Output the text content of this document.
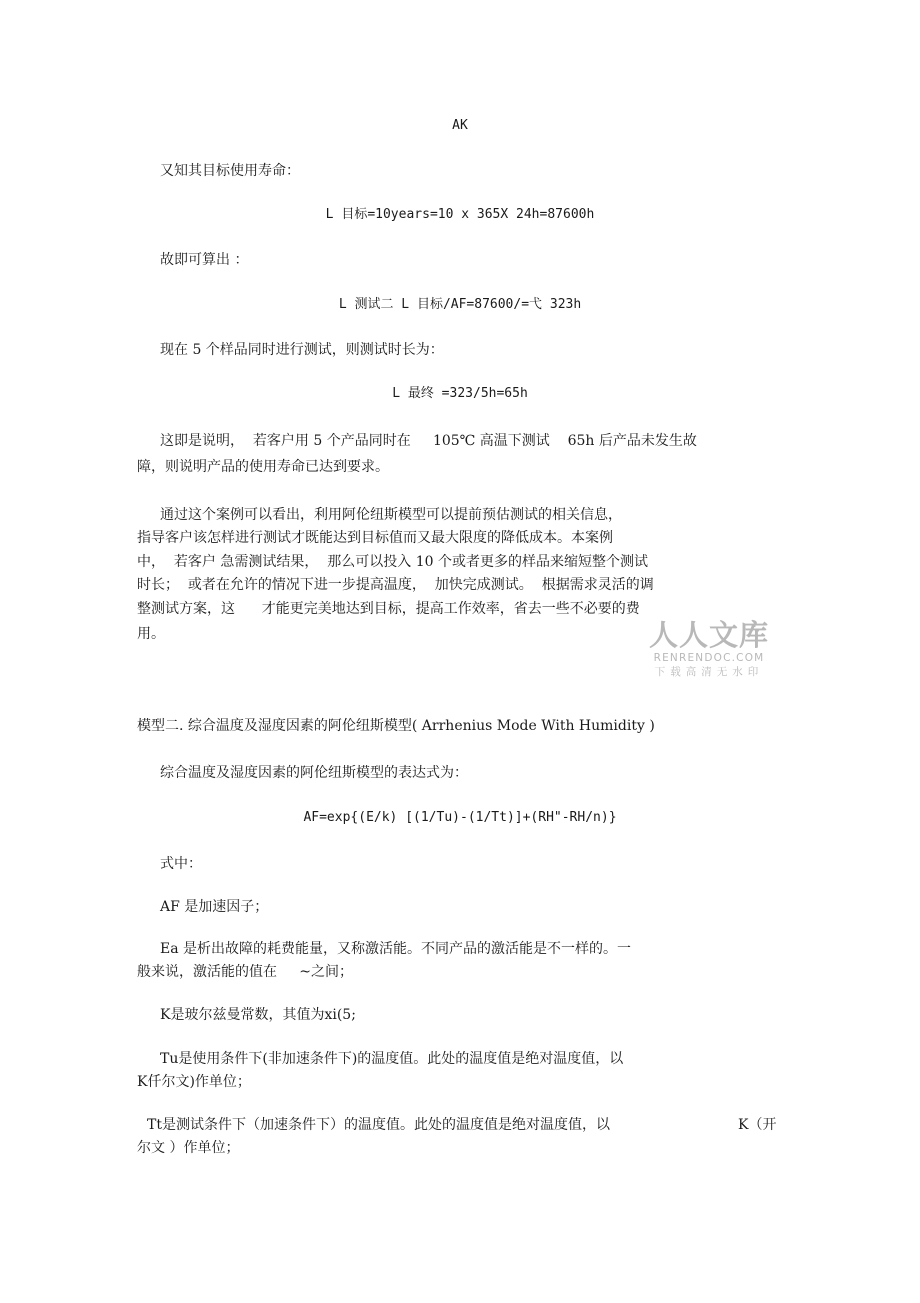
AK
又知其目标使用寿命：
L 目标=10years=10 x 365X 24h=87600h
故即可算出 ：
L 测试二 L 目标/AF=87600/=弋 323h
现在 5 个样品同时进行测试，则测试时长为：
L 最终 =323/5h=65h
这即是说明，  若客户用 5 个产品同时在     105℃ 高温下测试    65h 后产品未发生故
障，则说明产品的使用寿命已达到要求。
通过这个案例可以看出，利用阿伦纽斯模型可以提前预估测试的相关信息，
指导客户该怎样进行测试才既能达到目标值而又最大限度的降低成本。本案例
中，  若客户 急需测试结果，  那么可以投入 10 个或者更多的样品来缩短整个测试
时长；  或者在允许的情况下进一步提高温度，  加快完成测试。  根据需求灵活的调
整测试方案，这      才能更完美地达到目标，提高工作效率，省去一些不必要的费
用。
模型二. 综合温度及湿度因素的阿伦纽斯模型( Arrhenius Mode With Humidity )
综合温度及湿度因素的阿伦纽斯模型的表达式为：
AF=exp{(E/k) [(1/Tu)-(1/Tt)]+(RH"-RH/n)}
式中：
AF 是加速因子；
Ea 是析出故障的耗费能量，又称激活能。不同产品的激活能是不一样的。一
般来说，激活能的值在     ~之间；
K是玻尔兹曼常数，其值为xi(5;
Tu是使用条件下(非加速条件下)的温度值。此处的温度值是绝对温度值，以
K仟尔文)作单位；
Tt是测试条件下（加速条件下）的温度值。此处的温度值是绝对温度值，以	K（开
尔文 ）作单位；
人人文库
RENRENDOC.COM
下载高清无水印
